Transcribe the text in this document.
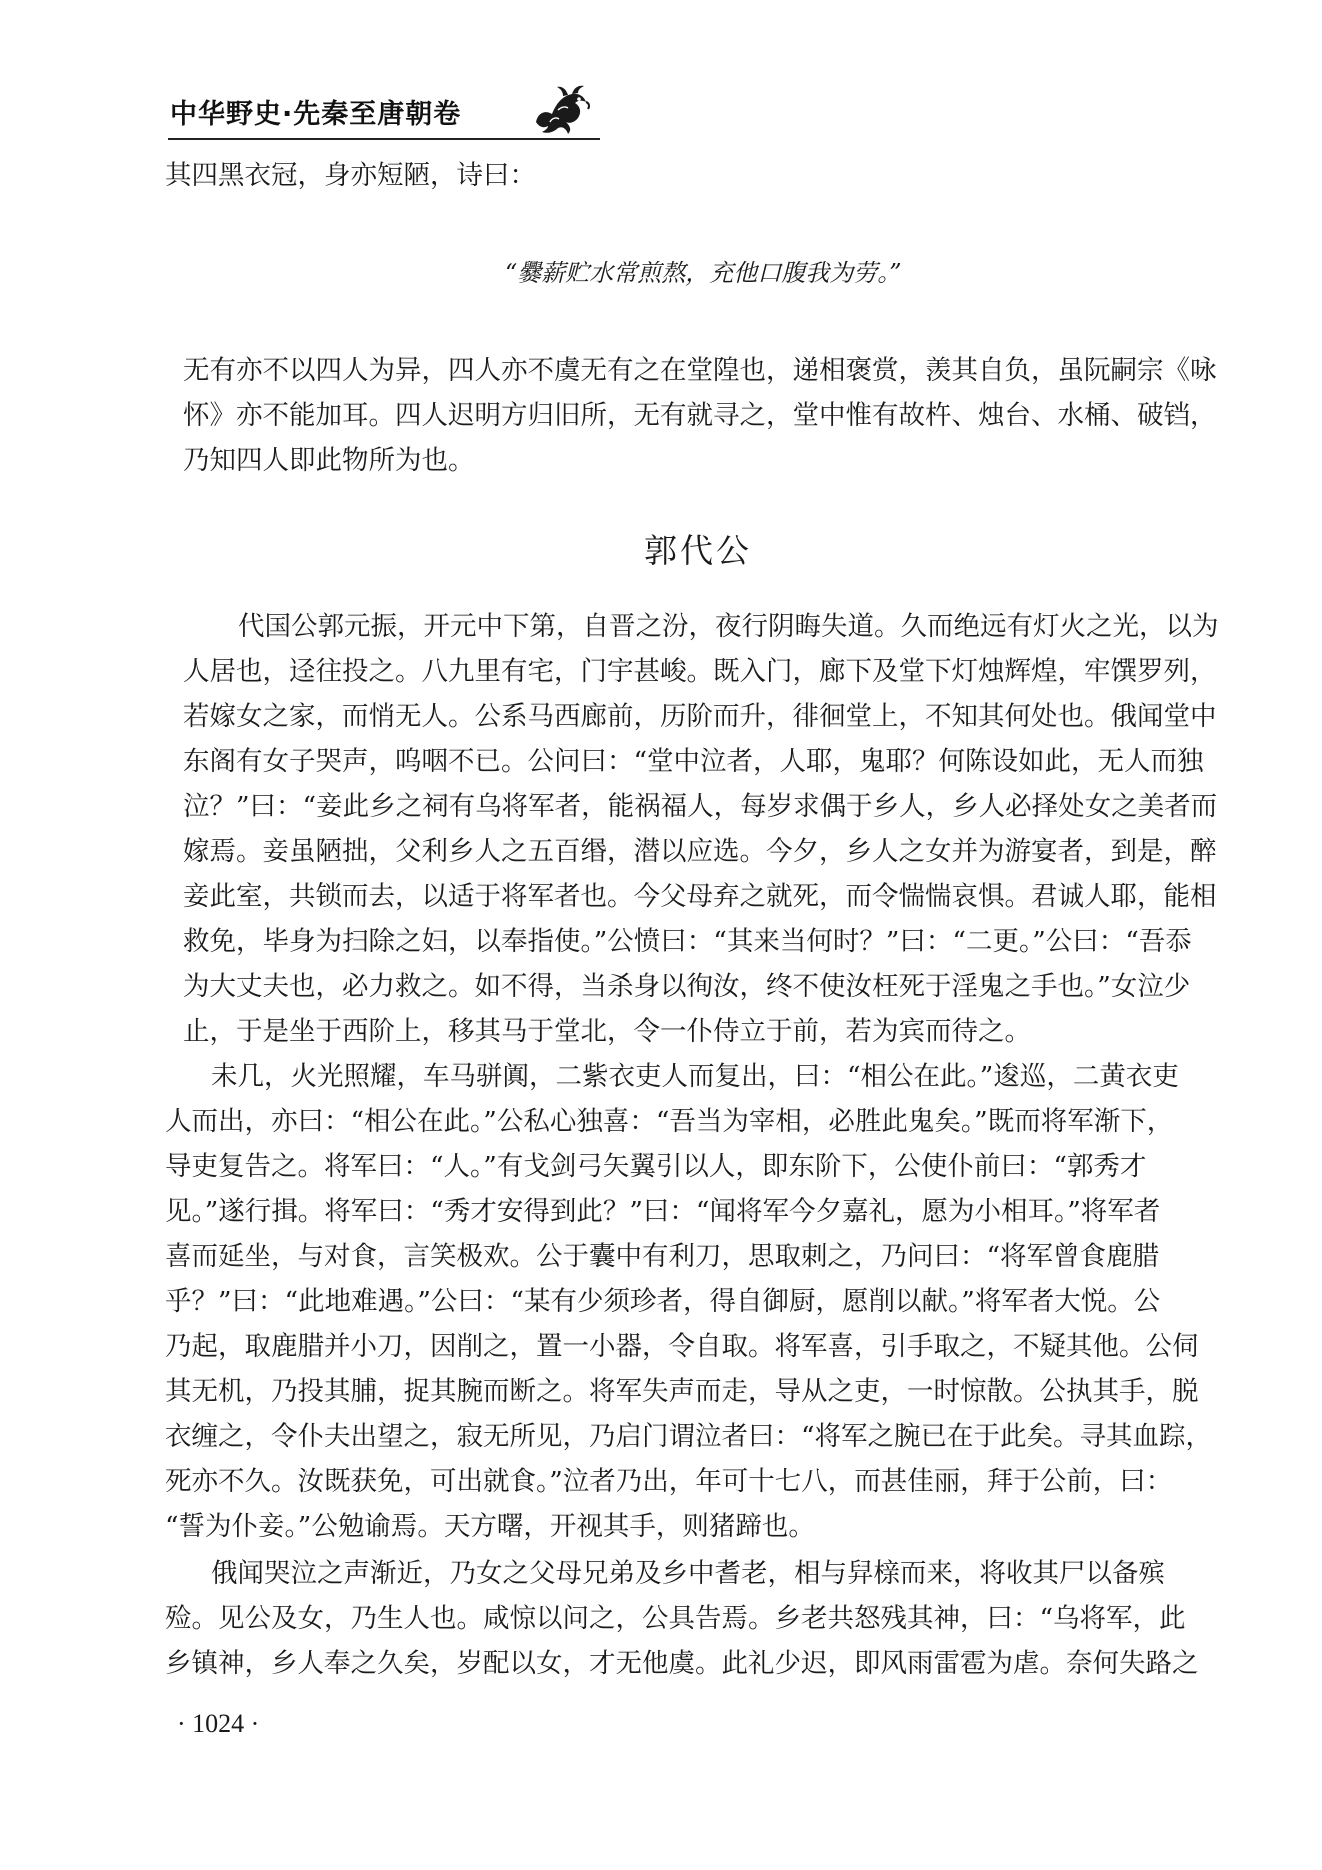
中华野史·先秦至唐朝卷

其四黑衣冠，身亦短陋，诗曰：

“爨薪贮水常煎熬，充他口腹我为劳。”

无有亦不以四人为异，四人亦不虞无有之在堂隍也，递相褒赏，羡其自负，虽阮嗣宗《咏

怀》亦不能加耳。四人迟明方归旧所，无有就寻之，堂中惟有故杵、烛台、水桶、破铛，

乃知四人即此物所为也。

郭代公

代国公郭元振，开元中下第，自晋之汾，夜行阴晦失道。久而绝远有灯火之光，以为

人居也，迳往投之。八九里有宅，门宇甚峻。既入门，廊下及堂下灯烛辉煌，牢馔罗列，

若嫁女之家，而悄无人。公系马西廊前，历阶而升，徘徊堂上，不知其何处也。俄闻堂中

东阁有女子哭声，呜咽不已。公问曰：“堂中泣者，人耶，鬼耶？何陈设如此，无人而独

泣？”曰：“妾此乡之祠有乌将军者，能祸福人，每岁求偶于乡人，乡人必择处女之美者而

嫁焉。妾虽陋拙，父利乡人之五百缗，潜以应选。今夕，乡人之女并为游宴者，到是，醉

妾此室，共锁而去，以适于将军者也。今父母弃之就死，而令惴惴哀惧。君诚人耶，能相

救免，毕身为扫除之妇，以奉指使。”公愤曰：“其来当何时？”曰：“二更。”公曰：“吾忝

为大丈夫也，必力救之。如不得，当杀身以徇汝，终不使汝枉死于淫鬼之手也。”女泣少

止，于是坐于西阶上，移其马于堂北，令一仆侍立于前，若为宾而待之。

未几，火光照耀，车马骈阗，二紫衣吏人而复出，曰：“相公在此。”逡巡，二黄衣吏

人而出，亦曰：“相公在此。”公私心独喜：“吾当为宰相，必胜此鬼矣。”既而将军渐下，

导吏复告之。将军曰：“人。”有戈剑弓矢翼引以人，即东阶下，公使仆前曰：“郭秀才

见。”遂行揖。将军曰：“秀才安得到此？”曰：“闻将军今夕嘉礼，愿为小相耳。”将军者

喜而延坐，与对食，言笑极欢。公于囊中有利刀，思取刺之，乃问曰：“将军曾食鹿腊

乎？”曰：“此地难遇。”公曰：“某有少须珍者，得自御厨，愿削以献。”将军者大悦。公

乃起，取鹿腊并小刀，因削之，置一小器，令自取。将军喜，引手取之，不疑其他。公伺

其无机，乃投其脯，捉其腕而断之。将军失声而走，导从之吏，一时惊散。公执其手，脱

衣缠之，令仆夫出望之，寂无所见，乃启门谓泣者曰：“将军之腕已在于此矣。寻其血踪，

死亦不久。汝既获免，可出就食。”泣者乃出，年可十七八，而甚佳丽，拜于公前，曰：

“誓为仆妾。”公勉谕焉。天方曙，开视其手，则猪蹄也。

俄闻哭泣之声渐近，乃女之父母兄弟及乡中耆老，相与舁榇而来，将收其尸以备殡

殓。见公及女，乃生人也。咸惊以问之，公具告焉。乡老共怒残其神，曰：“乌将军，此

乡镇神，乡人奉之久矣，岁配以女，才无他虞。此礼少迟，即风雨雷雹为虐。奈何失路之

· 1024 ·
